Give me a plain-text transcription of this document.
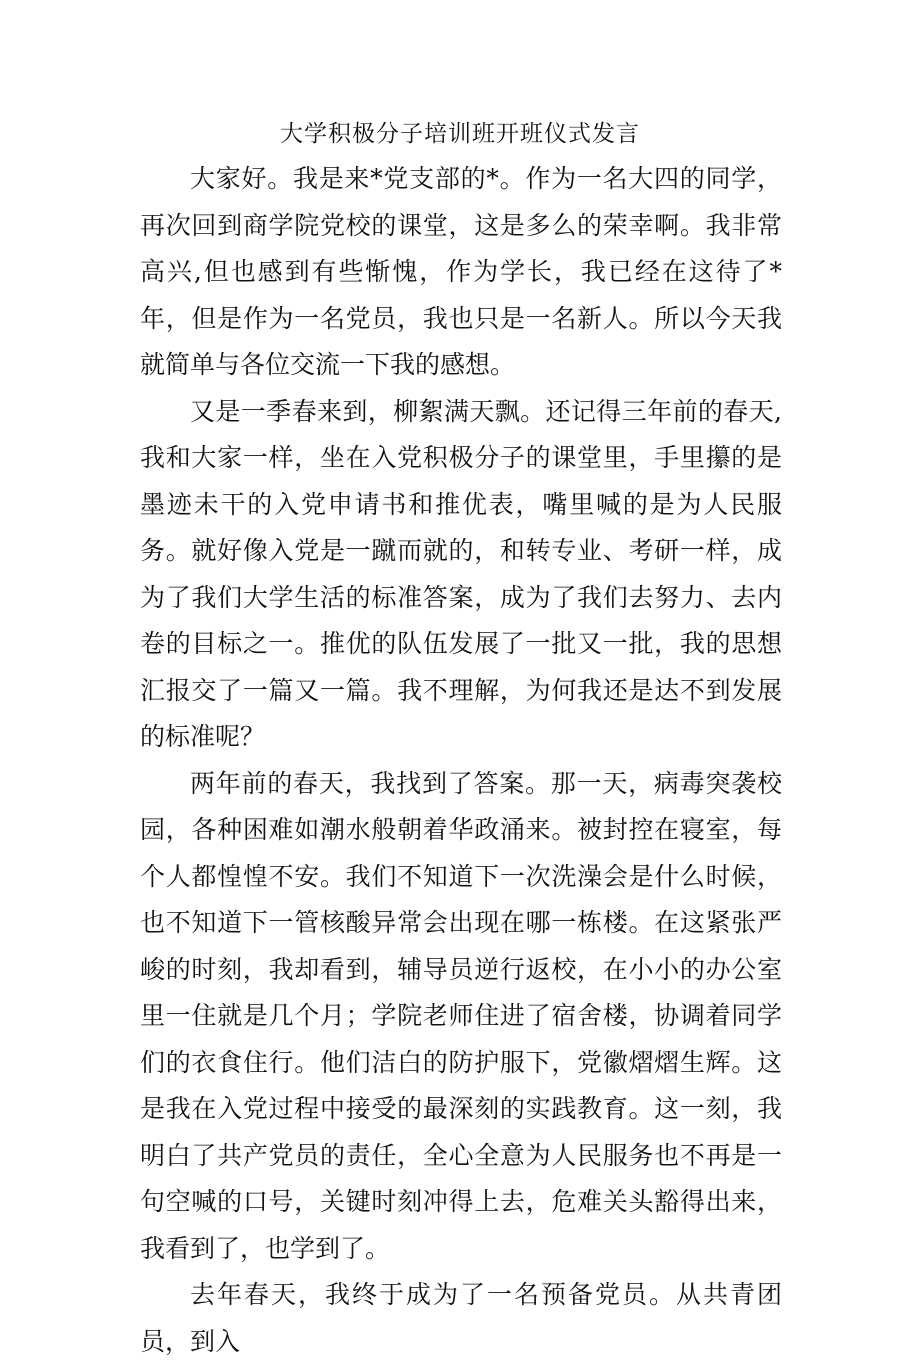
大学积极分子培训班开班仪式发言

大家好。我是来*党支部的*。作为一名大四的同学，再次回到商学院党校的课堂，这是多么的荣幸啊。我非常高兴,但也感到有些惭愧，作为学长，我已经在这待了*年，但是作为一名党员，我也只是一名新人。所以今天我就简单与各位交流一下我的感想。

又是一季春来到，柳絮满天飘。还记得三年前的春天,我和大家一样，坐在入党积极分子的课堂里，手里攥的是墨迹未干的入党申请书和推优表，嘴里喊的是为人民服务。就好像入党是一蹴而就的，和转专业、考研一样，成为了我们大学生活的标准答案，成为了我们去努力、去内卷的目标之一。推优的队伍发展了一批又一批，我的思想汇报交了一篇又一篇。我不理解，为何我还是达不到发展的标准呢？

两年前的春天，我找到了答案。那一天，病毒突袭校园，各种困难如潮水般朝着华政涌来。被封控在寝室，每个人都惶惶不安。我们不知道下一次洗澡会是什么时候，也不知道下一管核酸异常会出现在哪一栋楼。在这紧张严峻的时刻，我却看到，辅导员逆行返校，在小小的办公室里一住就是几个月；学院老师住进了宿舍楼，协调着同学们的衣食住行。他们洁白的防护服下，党徽熠熠生辉。这是我在入党过程中接受的最深刻的实践教育。这一刻，我明白了共产党员的责任，全心全意为人民服务也不再是一句空喊的口号，关键时刻冲得上去，危难关头豁得出来，我看到了，也学到了。

去年春天，我终于成为了一名预备党员。从共青团员，到入
